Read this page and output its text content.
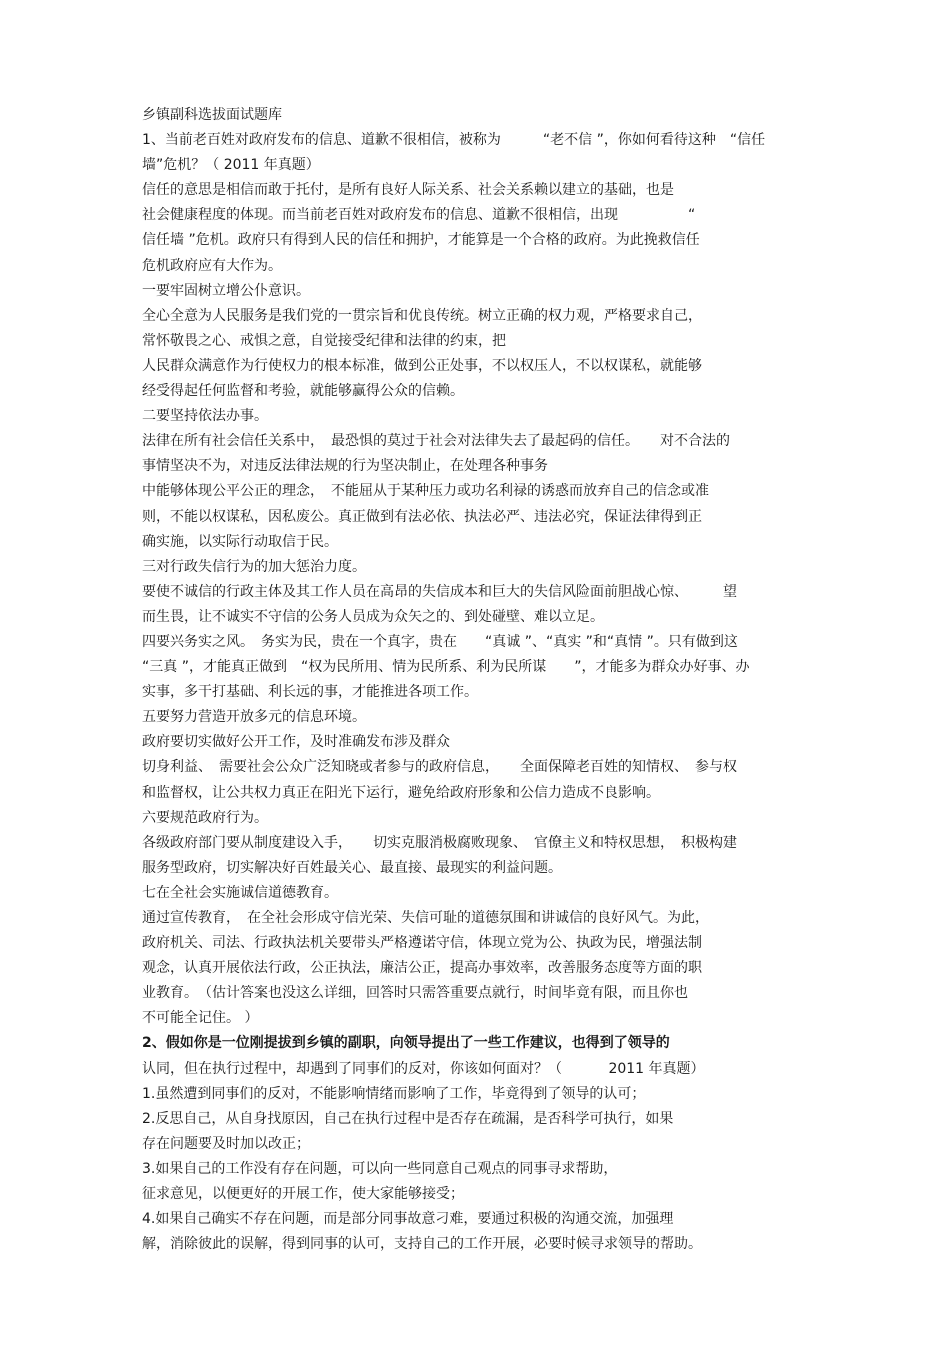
乡镇副科选拔面试题库
1、当前老百姓对政府发布的信息、道歉不很相信，被称为　　　“老不信 ”，你如何看待这种　“信任
墙”危机？（ 2011 年真题）
信任的意思是相信而敢于托付，是所有良好人际关系、社会关系赖以建立的基础，也是
社会健康程度的体现。而当前老百姓对政府发布的信息、道歉不很相信，出现　　　　　“
信任墙 ”危机。政府只有得到人民的信任和拥护，才能算是一个合格的政府。为此挽救信任
危机政府应有大作为。
一要牢固树立增公仆意识。
全心全意为人民服务是我们党的一贯宗旨和优良传统。树立正确的权力观，严格要求自己，
常怀敬畏之心、戒惧之意，自觉接受纪律和法律的约束，把
人民群众满意作为行使权力的根本标准，做到公正处事，不以权压人，不以权谋私，就能够
经受得起任何监督和考验，就能够赢得公众的信赖。
二要坚持依法办事。
法律在所有社会信任关系中，　最恐惧的莫过于社会对法律失去了最起码的信任。　　对不合法的
事情坚决不为，对违反法律法规的行为坚决制止，在处理各种事务
中能够体现公平公正的理念，　不能屈从于某种压力或功名利禄的诱惑而放弃自己的信念或准
则，不能以权谋私，因私废公。真正做到有法必依、执法必严、违法必究，保证法律得到正
确实施，以实际行动取信于民。
三对行政失信行为的加大惩治力度。
要使不诚信的行政主体及其工作人员在高昂的失信成本和巨大的失信风险面前胆战心惊、　　　望
而生畏，让不诚实不守信的公务人员成为众矢之的、到处碰壁、难以立足。
四要兴务实之风。　务实为民，贵在一个真字，贵在　　“真诚 ”、“真实 ”和“真情 ”。只有做到这
“三真 ”，才能真正做到　“权为民所用、情为民所系、利为民所谋　　”，才能多为群众办好事、办
实事，多干打基础、利长远的事，才能推进各项工作。
五要努力营造开放多元的信息环境。
政府要切实做好公开工作，及时准确发布涉及群众
切身利益、　需要社会公众广泛知晓或者参与的政府信息，　　全面保障老百姓的知情权、　参与权
和监督权，让公共权力真正在阳光下运行，避免给政府形象和公信力造成不良影响。
六要规范政府行为。
各级政府部门要从制度建设入手，　　切实克服消极腐败现象、　官僚主义和特权思想，　积极构建
服务型政府，切实解决好百姓最关心、最直接、最现实的利益问题。
七在全社会实施诚信道德教育。
通过宣传教育，　在全社会形成守信光荣、失信可耻的道德氛围和讲诚信的良好风气。为此，
政府机关、司法、行政执法机关要带头严格遵诺守信，体现立党为公、执政为民，增强法制
观念，认真开展依法行政，公正执法，廉洁公正，提高办事效率，改善服务态度等方面的职
业教育。　（估计答案也没这么详细，回答时只需答重要点就行，时间毕竟有限，而且你也
不可能全记住。 ）
2、假如你是一位刚提拔到乡镇的副职，向领导提出了一些工作建议，也得到了领导的
认同，但在执行过程中，却遇到了同事们的反对，你该如何面对？（　　　 2011 年真题）
1.虽然遭到同事们的反对，不能影响情绪而影响了工作，毕竟得到了领导的认可；
2.反思自己，从自身找原因，自己在执行过程中是否存在疏漏，是否科学可执行，如果
存在问题要及时加以改正；
3.如果自己的工作没有存在问题，可以向一些同意自己观点的同事寻求帮助，
征求意见，以便更好的开展工作，使大家能够接受；
4.如果自己确实不存在问题，而是部分同事故意刁难，要通过积极的沟通交流，加强理
解，消除彼此的误解，得到同事的认可，支持自己的工作开展，必要时候寻求领导的帮助。
